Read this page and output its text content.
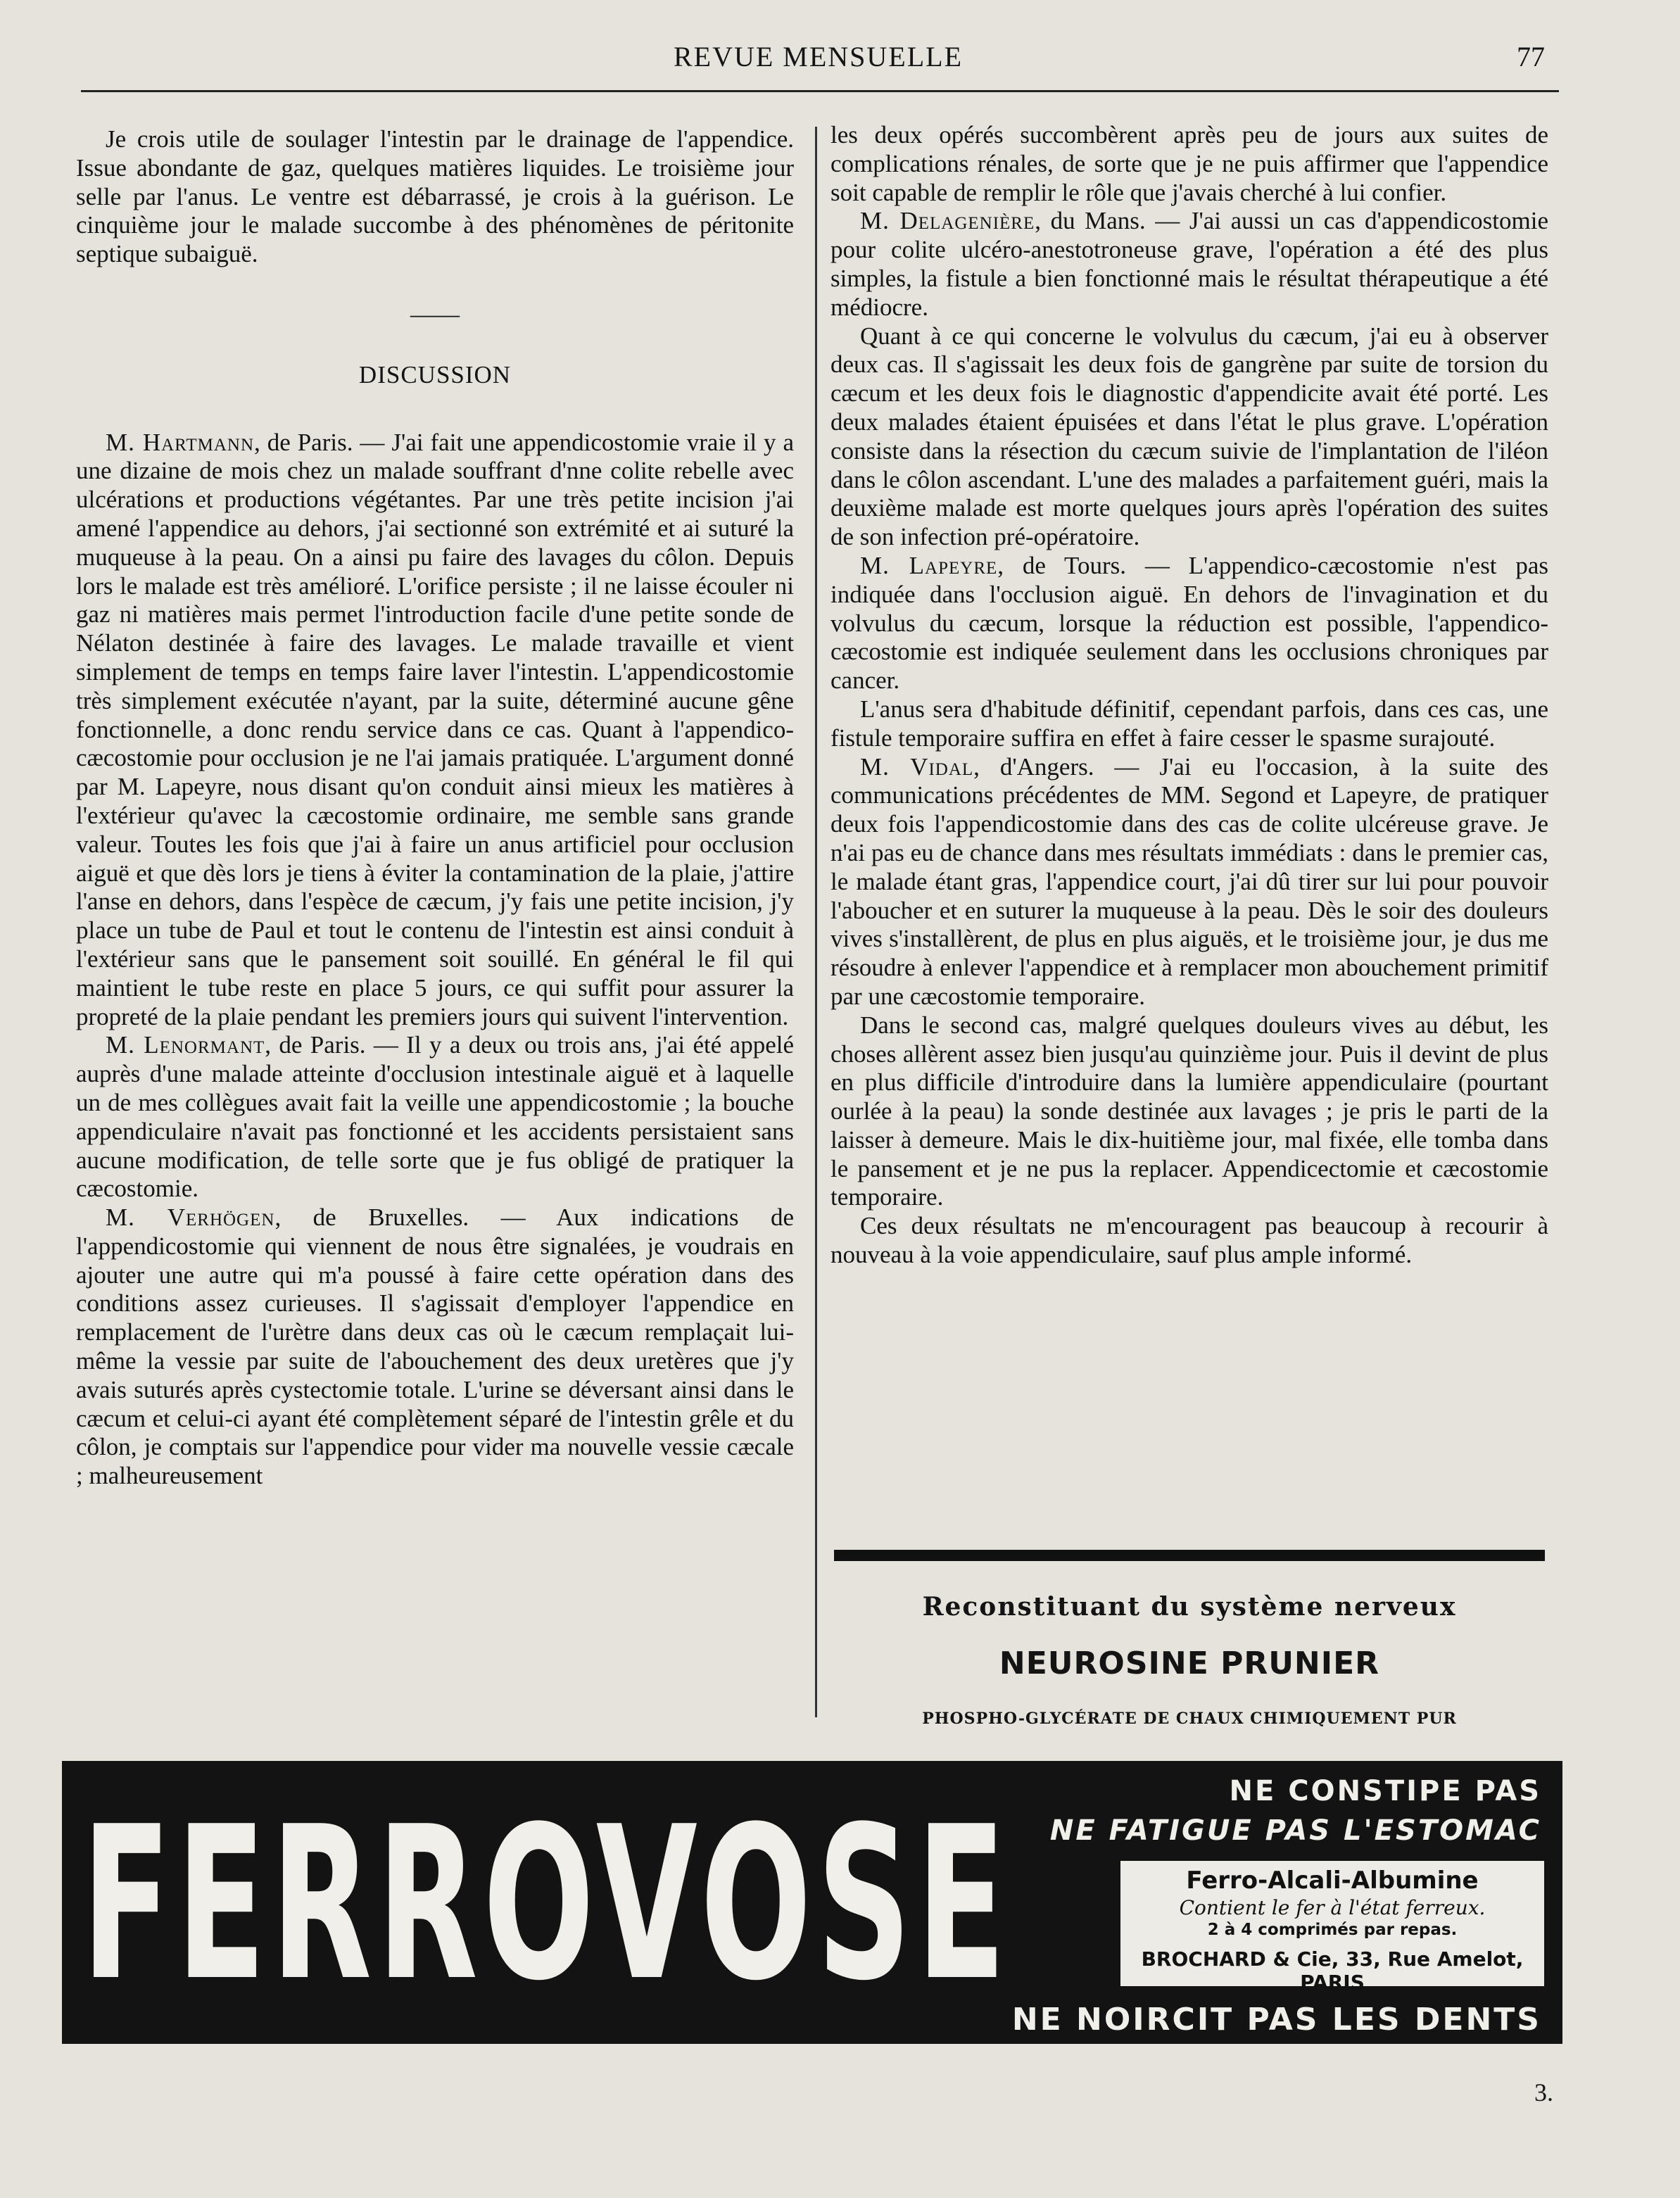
REVUE MENSUELLE	77

Je crois utile de soulager l'intestin par le drainage de l'appendice. Issue abondante de gaz, quelques matières liquides. Le troisième jour selle par l'anus. Le ventre est débarrassé, je crois à la guérison. Le cinquième jour le malade succombe à des phénomènes de péritonite septique subaiguë.

——
DISCUSSION

M. Hartmann, de Paris. — J'ai fait une appendicostomie vraie il y a une dizaine de mois chez un malade souffrant d'nne colite rebelle avec ulcérations et productions végétantes. Par une très petite incision j'ai amené l'appendice au dehors, j'ai sectionné son extrémité et ai suturé la muqueuse à la peau. On a ainsi pu faire des lavages du côlon. Depuis lors le malade est très amélioré. L'orifice persiste ; il ne laisse écouler ni gaz ni matières mais permet l'introduction facile d'une petite sonde de Nélaton destinée à faire des lavages. Le malade travaille et vient simplement de temps en temps faire laver l'intestin. L'appendicostomie très simplement exécutée n'ayant, par la suite, déterminé aucune gêne fonctionnelle, a donc rendu service dans ce cas. Quant à l'appendico-cæcostomie pour occlusion je ne l'ai jamais pratiquée. L'argument donné par M. Lapeyre, nous disant qu'on conduit ainsi mieux les matières à l'extérieur qu'avec la cæcostomie ordinaire, me semble sans grande valeur. Toutes les fois que j'ai à faire un anus artificiel pour occlusion aiguë et que dès lors je tiens à éviter la contamination de la plaie, j'attire l'anse en dehors, dans l'espèce de cæcum, j'y fais une petite incision, j'y place un tube de Paul et tout le contenu de l'intestin est ainsi conduit à l'extérieur sans que le pansement soit souillé. En général le fil qui maintient le tube reste en place 5 jours, ce qui suffit pour assurer la propreté de la plaie pendant les premiers jours qui suivent l'intervention.

M. Lenormant, de Paris. — Il y a deux ou trois ans, j'ai été appelé auprès d'une malade atteinte d'occlusion intestinale aiguë et à laquelle un de mes collègues avait fait la veille une appendicostomie ; la bouche appendiculaire n'avait pas fonctionné et les accidents persistaient sans aucune modification, de telle sorte que je fus obligé de pratiquer la cæcostomie.

M. Verhögen, de Bruxelles. — Aux indications de l'appendicostomie qui viennent de nous être signalées, je voudrais en ajouter une autre qui m'a poussé à faire cette opération dans des conditions assez curieuses. Il s'agissait d'employer l'appendice en remplacement de l'urètre dans deux cas où le cæcum remplaçait lui-même la vessie par suite de l'abouchement des deux uretères que j'y avais suturés après cystectomie totale. L'urine se déversant ainsi dans le cæcum et celui-ci ayant été complètement séparé de l'intestin grêle et du côlon, je comptais sur l'appendice pour vider ma nouvelle vessie cæcale ; malheureusement

les deux opérés succombèrent après peu de jours aux suites de complications rénales, de sorte que je ne puis affirmer que l'appendice soit capable de remplir le rôle que j'avais cherché à lui confier.

M. Delagenière, du Mans. — J'ai aussi un cas d'appendicostomie pour colite ulcéro-anestotroneuse grave, l'opération a été des plus simples, la fistule a bien fonctionné mais le résultat thérapeutique a été médiocre.

Quant à ce qui concerne le volvulus du cæcum, j'ai eu à observer deux cas. Il s'agissait les deux fois de gangrène par suite de torsion du cæcum et les deux fois le diagnostic d'appendicite avait été porté. Les deux malades étaient épuisées et dans l'état le plus grave. L'opération consiste dans la résection du cæcum suivie de l'implantation de l'iléon dans le côlon ascendant. L'une des malades a parfaitement guéri, mais la deuxième malade est morte quelques jours après l'opération des suites de son infection pré-opératoire.

M. Lapeyre, de Tours. — L'appendico-cæcostomie n'est pas indiquée dans l'occlusion aiguë. En dehors de l'invagination et du volvulus du cæcum, lorsque la réduction est possible, l'appendico-cæcostomie est indiquée seulement dans les occlusions chroniques par cancer.

L'anus sera d'habitude définitif, cependant parfois, dans ces cas, une fistule temporaire suffira en effet à faire cesser le spasme surajouté.

M. Vidal, d'Angers. — J'ai eu l'occasion, à la suite des communications précédentes de MM. Segond et Lapeyre, de pratiquer deux fois l'appendicostomie dans des cas de colite ulcéreuse grave. Je n'ai pas eu de chance dans mes résultats immédiats : dans le premier cas, le malade étant gras, l'appendice court, j'ai dû tirer sur lui pour pouvoir l'aboucher et en suturer la muqueuse à la peau. Dès le soir des douleurs vives s'installèrent, de plus en plus aiguës, et le troisième jour, je dus me résoudre à enlever l'appendice et à remplacer mon abouchement primitif par une cæcostomie temporaire.

Dans le second cas, malgré quelques douleurs vives au début, les choses allèrent assez bien jusqu'au quinzième jour. Puis il devint de plus en plus difficile d'introduire dans la lumière appendiculaire (pourtant ourlée à la peau) la sonde destinée aux lavages ; je pris le parti de la laisser à demeure. Mais le dix-huitième jour, mal fixée, elle tomba dans le pansement et je ne pus la replacer. Appendicectomie et cæcostomie temporaire.

Ces deux résultats ne m'encouragent pas beaucoup à recourir à nouveau à la voie appendiculaire, sauf plus ample informé.

Reconstituant du système nerveux
NEUROSINE PRUNIER
PHOSPHO-GLYCÉRATE DE CHAUX CHIMIQUEMENT PUR
FERROVOSE	NE CONSTIPE PAS
NE FATIGUE PAS L'ESTOMAC
Ferro-Alcali-Albumine
Contient le fer à l'état ferreux.
2 à 4 comprimés par repas.
BROCHARD & Cie, 33, Rue Amelot, PARIS
NE NOIRCIT PAS LES DENTS
3.
